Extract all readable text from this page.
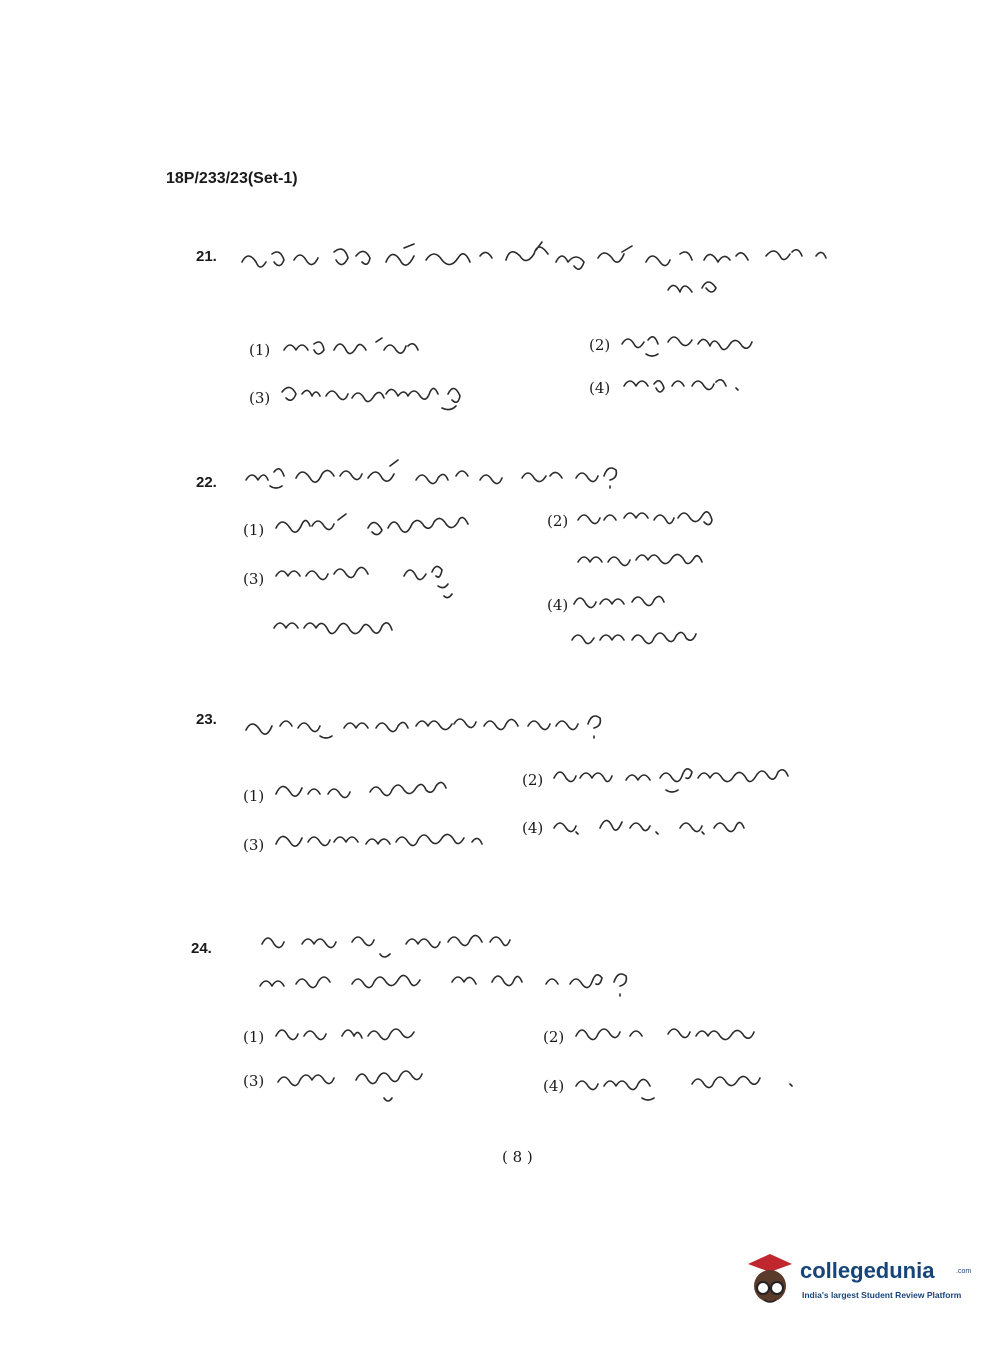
18P/233/23(Set-1)
21.
(1)	(2)
(3)
(4)
22.
(1)	(2)
(3)
(4)
23.
(1)
(2)
(3)
(4)
24.
(1)	(2)
(3)	(4)
( 8 )
collegedunia	.com
India's largest Student Review Platform
